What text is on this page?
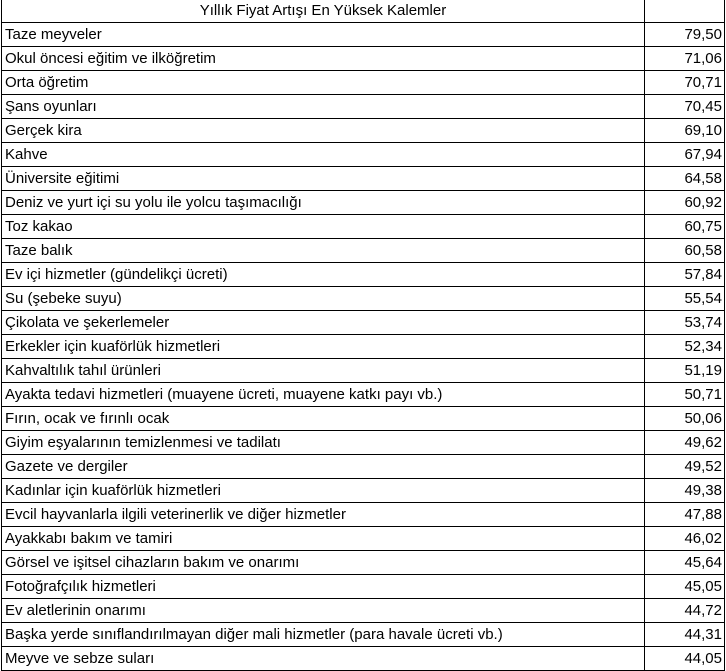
Yıllık Fiyat Artışı En Yüksek Kalemler	
Taze meyveler	79,50
Okul öncesi eğitim ve ilköğretim	71,06
Orta öğretim	70,71
Şans oyunları	70,45
Gerçek kira	69,10
Kahve	67,94
Üniversite eğitimi	64,58
Deniz ve yurt içi su yolu ile yolcu taşımacılığı	60,92
Toz kakao	60,75
Taze balık	60,58
Ev içi hizmetler (gündelikçi ücreti)	57,84
Su (şebeke suyu)	55,54
Çikolata ve şekerlemeler	53,74
Erkekler için kuaförlük hizmetleri	52,34
Kahvaltılık tahıl ürünleri	51,19
Ayakta tedavi hizmetleri (muayene ücreti, muayene katkı payı vb.)	50,71
Fırın, ocak ve fırınlı ocak	50,06
Giyim eşyalarının temizlenmesi ve tadilatı	49,62
Gazete ve dergiler	49,52
Kadınlar için kuaförlük hizmetleri	49,38
Evcil hayvanlarla ilgili veterinerlik ve diğer hizmetler	47,88
Ayakkabı bakım ve tamiri	46,02
Görsel ve işitsel cihazların bakım ve onarımı	45,64
Fotoğrafçılık hizmetleri	45,05
Ev aletlerinin onarımı	44,72
Başka yerde sınıflandırılmayan diğer mali hizmetler (para havale ücreti vb.)	44,31
Meyve ve sebze suları	44,05
